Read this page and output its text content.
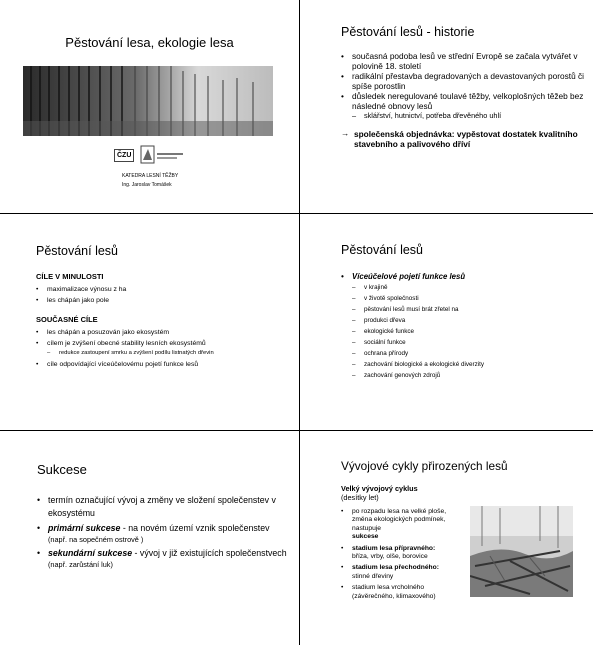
Pěstování lesa, ekologie lesa
ČZU
KATEDRA LESNÍ TĚŽBY
Ing. Jaroslav Tomášek
Pěstování lesů - historie
• současná podoba lesů ve střední Evropě se začala vytvářet v polovině 18. století
• radikální přestavba degradovaných a devastovaných porostů či spíše porostlin
• důsledek neregulované toulavé těžby, velkoplošných těžeb bez následné obnovy lesů
– sklářství, hutnictví, potřeba dřevěného uhlí
→ společenská objednávka: vypěstovat dostatek kvalitního stavebního a palivového dříví
Pěstování lesů
CÍLE V MINULOSTI
• maximalizace výnosu z ha
• les chápán jako pole
SOUČASNÉ CÍLE
• les chápán a posuzován jako ekosystém
• cílem je zvýšení obecné stability lesních ekosystémů
– redukce zastoupení smrku a zvýšení podílu listnatých dřevin
• cíle odpovídající víceúčelovému pojetí funkce lesů
Pěstování lesů
• Víceúčelové pojetí funkce lesů
– v krajině
– v životě společnosti
– pěstování lesů musí brát zřetel na
– produkci dřeva
– ekologické funkce
– sociální funkce
– ochrana přírody
– zachování biologické a ekologické diverzity
– zachování genových zdrojů
Sukcese
• termín označující vývoj a změny ve složení společenstev v ekosystému
• primární sukcese - na novém území vznik společenstev
(např. na sopečném ostrově )
• sekundární sukcese - vývoj v již existujících společenstvech
(např. zarůstání luk)
Vývojové cykly přirozených lesů
Velký vývojový cyklus
(desítky let)
• po rozpadu lesa na velké ploše, změna ekologických podmínek, nastupuje
sukcese
• stadium lesa přípravného:
bříza, vrby, olše, borovice
• stadium lesa přechodného:
stinné dřeviny
• stadium lesa vrcholného (závěrečného, klimaxového)
